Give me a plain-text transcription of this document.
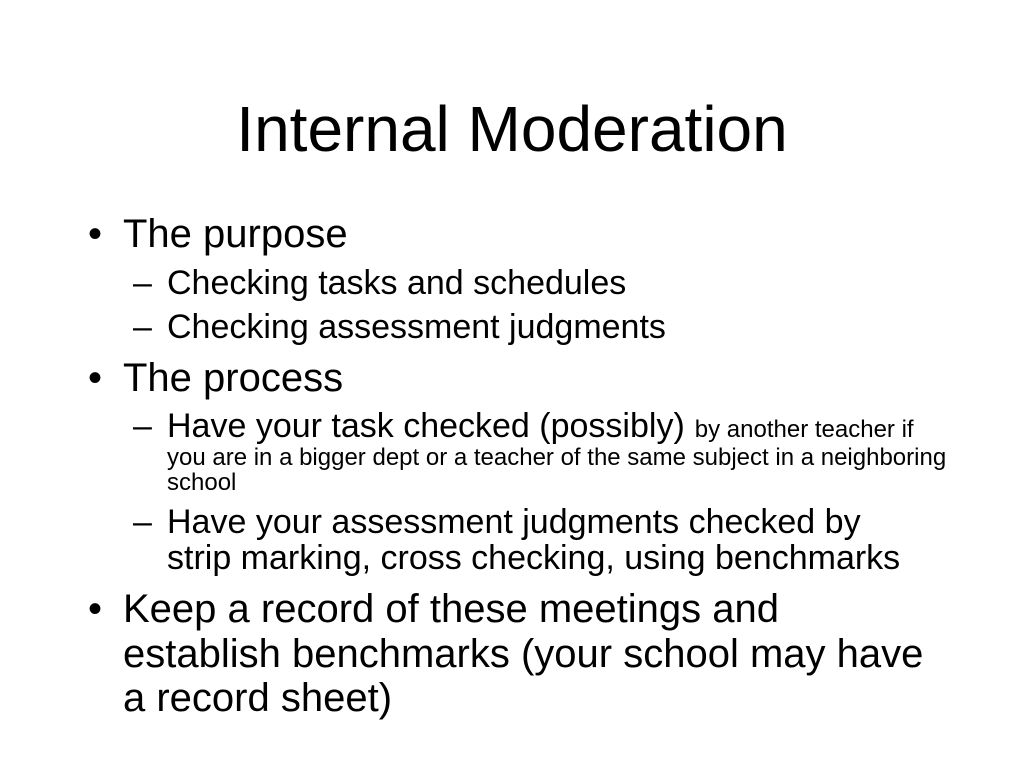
Internal Moderation
• The purpose
– Checking tasks and schedules
– Checking assessment judgments
• The process
– Have your task checked (possibly) by another teacher if
you are in a bigger dept or a teacher of the same subject in a neighboring
school
– Have your assessment judgments checked by
strip marking, cross checking, using benchmarks
• Keep a record of these meetings and
establish benchmarks (your school may have
a record sheet)
